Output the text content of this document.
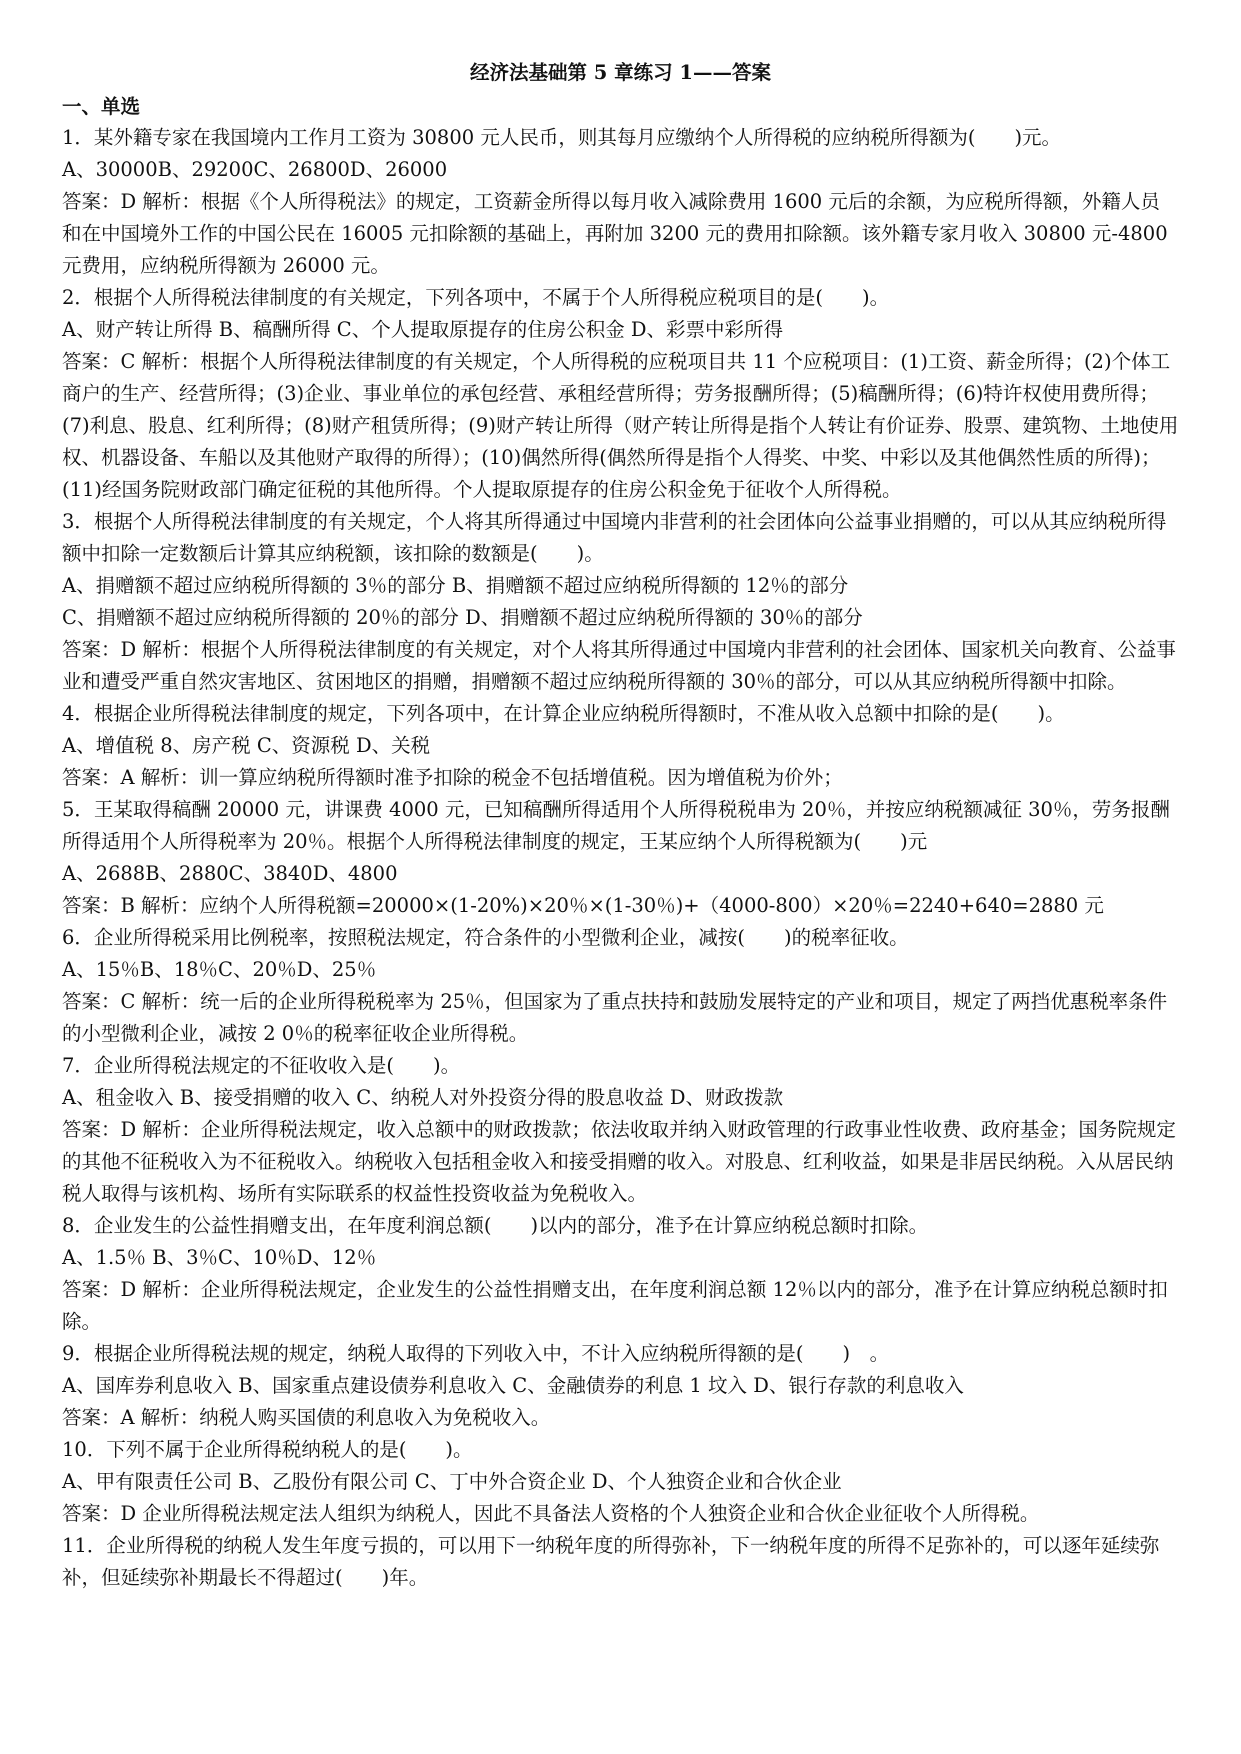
经济法基础第 5 章练习 1——答案
一、单选
1．某外籍专家在我国境内工作月工资为 30800 元人民币，则其每月应缴纳个人所得税的应纳税所得额为(　　)元。
A、30000B、29200C、26800D、26000
答案：D 解析：根据《个人所得税法》的规定，工资薪金所得以每月收入减除费用 1600 元后的余额，为应税所得额，外籍人员和在中国境外工作的中国公民在 16005 元扣除额的基础上，再附加 3200 元的费用扣除额。该外籍专家月收入 30800 元-4800 元费用，应纳税所得额为 26000 元。
2．根据个人所得税法律制度的有关规定，下列各项中，不属于个人所得税应税项目的是(　　)。
A、财产转让所得 B、稿酬所得 C、个人提取原提存的住房公积金 D、彩票中彩所得
答案：C 解析：根据个人所得税法律制度的有关规定，个人所得税的应税项目共 11 个应税项目：(1)工资、薪金所得；(2)个体工商户的生产、经营所得；(3)企业、事业单位的承包经营、承租经营所得；劳务报酬所得；(5)稿酬所得；(6)特许权使用费所得；(7)利息、股息、红利所得；(8)财产租赁所得；(9)财产转让所得（财产转让所得是指个人转让有价证券、股票、建筑物、土地使用权、机器设备、车船以及其他财产取得的所得）；(10)偶然所得(偶然所得是指个人得奖、中奖、中彩以及其他偶然性质的所得)；(11)经国务院财政部门确定征税的其他所得。个人提取原提存的住房公积金免于征收个人所得税。
3．根据个人所得税法律制度的有关规定，个人将其所得通过中国境内非营利的社会团体向公益事业捐赠的，可以从其应纳税所得额中扣除一定数额后计算其应纳税额，该扣除的数额是(　　)。
A、捐赠额不超过应纳税所得额的 3％的部分 B、捐赠额不超过应纳税所得额的 12％的部分
C、捐赠额不超过应纳税所得额的 20％的部分 D、捐赠额不超过应纳税所得额的 30％的部分
答案：D 解析：根据个人所得税法律制度的有关规定，对个人将其所得通过中国境内非营利的社会团体、国家机关向教育、公益事业和遭受严重自然灾害地区、贫困地区的捐赠，捐赠额不超过应纳税所得额的 30％的部分，可以从其应纳税所得额中扣除。
4．根据企业所得税法律制度的规定，下列各项中，在计算企业应纳税所得额时，不准从收入总额中扣除的是(　　)。
A、增值税 8、房产税 C、资源税 D、关税
答案：A 解析：训一算应纳税所得额时准予扣除的税金不包括增值税。因为增值税为价外；
5．王某取得稿酬 20000 元，讲课费 4000 元，已知稿酬所得适用个人所得税税串为 20％，并按应纳税额减征 30％，劳务报酬所得适用个人所得税率为 20％。根据个人所得税法律制度的规定，王某应纳个人所得税额为(　　)元
A、2688B、2880C、3840D、4800
答案：B 解析：应纳个人所得税额=20000×(1-20%)×20％×(1-30％)+（4000-800）×20％=2240+640=2880 元
6．企业所得税采用比例税率，按照税法规定，符合条件的小型微利企业，减按(　　)的税率征收。
A、15％B、18％C、20％D、25％
答案：C 解析：统一后的企业所得税税率为 25％，但国家为了重点扶持和鼓励发展特定的产业和项目，规定了两挡优惠税率条件的小型微利企业，减按 2 0％的税率征收企业所得税。
7．企业所得税法规定的不征收收入是(　　)。
A、租金收入 B、接受捐赠的收入 C、纳税人对外投资分得的股息收益 D、财政拨款
答案：D 解析：企业所得税法规定，收入总额中的财政拨款；依法收取并纳入财政管理的行政事业性收费、政府基金；国务院规定的其他不征税收入为不征税收入。纳税收入包括租金收入和接受捐赠的收入。对股息、红利收益，如果是非居民纳税。入从居民纳税人取得与该机构、场所有实际联系的权益性投资收益为免税收入。
8．企业发生的公益性捐赠支出，在年度利润总额(　　)以内的部分，准予在计算应纳税总额时扣除。
A、1.5％ B、3％C、10％D、12％
答案：D 解析：企业所得税法规定，企业发生的公益性捐赠支出，在年度利润总额 12％以内的部分，准予在计算应纳税总额时扣除。
9．根据企业所得税法规的规定，纳税人取得的下列收入中，不计入应纳税所得额的是(　　)　。
A、国库券利息收入 B、国家重点建设债券利息收入 C、金融债券的利息 1 坟入 D、银行存款的利息收入
答案：A 解析：纳税人购买国债的利息收入为免税收入。
10．下列不属于企业所得税纳税人的是(　　)。
A、甲有限责任公司 B、乙股份有限公司 C、丁中外合资企业 D、个人独资企业和合伙企业
答案：D 企业所得税法规定法人组织为纳税人，因此不具备法人资格的个人独资企业和合伙企业征收个人所得税。
11．企业所得税的纳税人发生年度亏损的，可以用下一纳税年度的所得弥补，下一纳税年度的所得不足弥补的，可以逐年延续弥补，但延续弥补期最长不得超过(　　)年。
